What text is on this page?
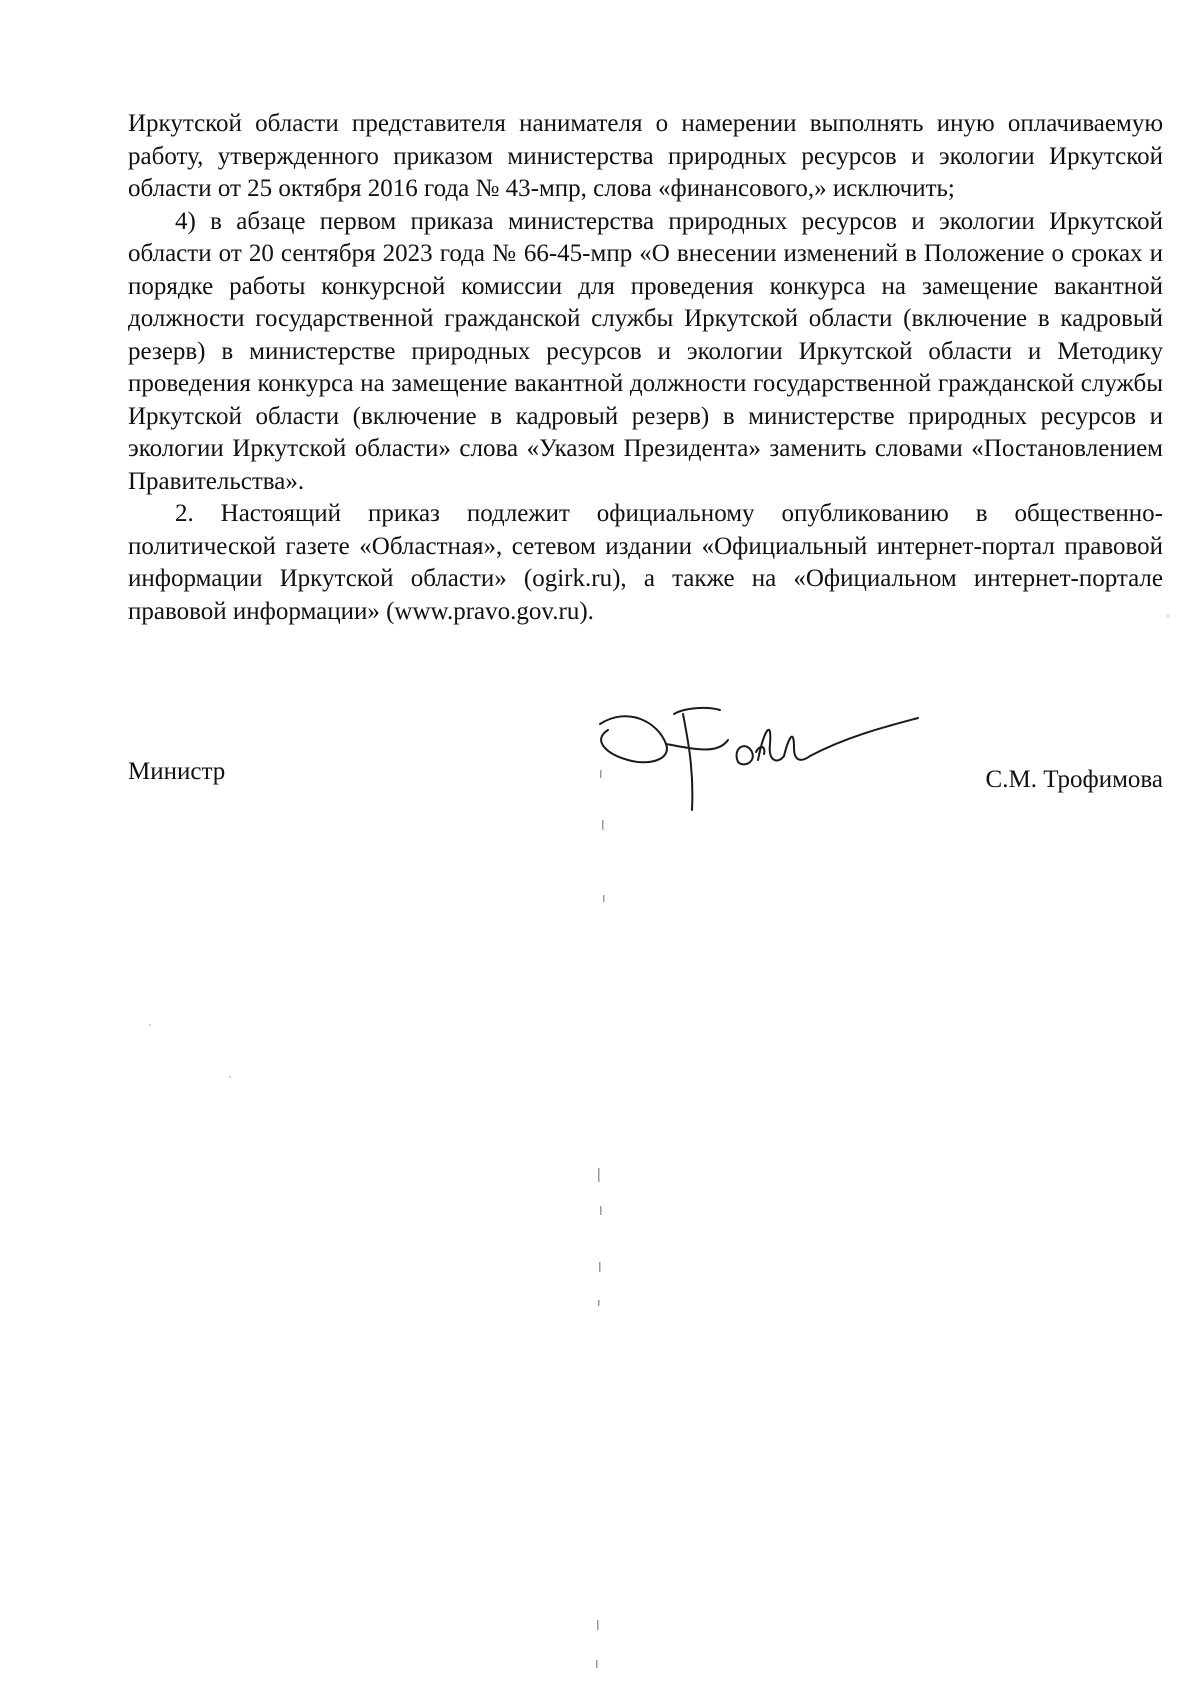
Иркутской области представителя нанимателя о намерении выполнять иную оплачиваемую работу, утвержденного приказом министерства природных ресурсов и экологии Иркутской области от 25 октября 2016 года № 43-мпр, слова «финансового,» исключить;

4) в абзаце первом приказа министерства природных ресурсов и экологии Иркутской области от 20 сентября 2023 года № 66-45-мпр «О внесении изменений в Положение о сроках и порядке работы конкурсной комиссии для проведения конкурса на замещение вакантной должности государственной гражданской службы Иркутской области (включение в кадровый резерв) в министерстве природных ресурсов и экологии Иркутской области и Методику проведения конкурса на замещение вакантной должности государственной гражданской службы Иркутской области (включение в кадровый резерв) в министерстве природных ресурсов и экологии Иркутской области» слова «Указом Президента» заменить словами «Постановлением Правительства».

2. Настоящий приказ подлежит официальному опубликованию в общественно-политической газете «Областная», сетевом издании «Официальный интернет-портал правовой информации Иркутской области» (ogirk.ru), а также на «Официальном интернет-портале правовой информации» (www.pravo.gov.ru).

Министр	С.М. Трофимова
